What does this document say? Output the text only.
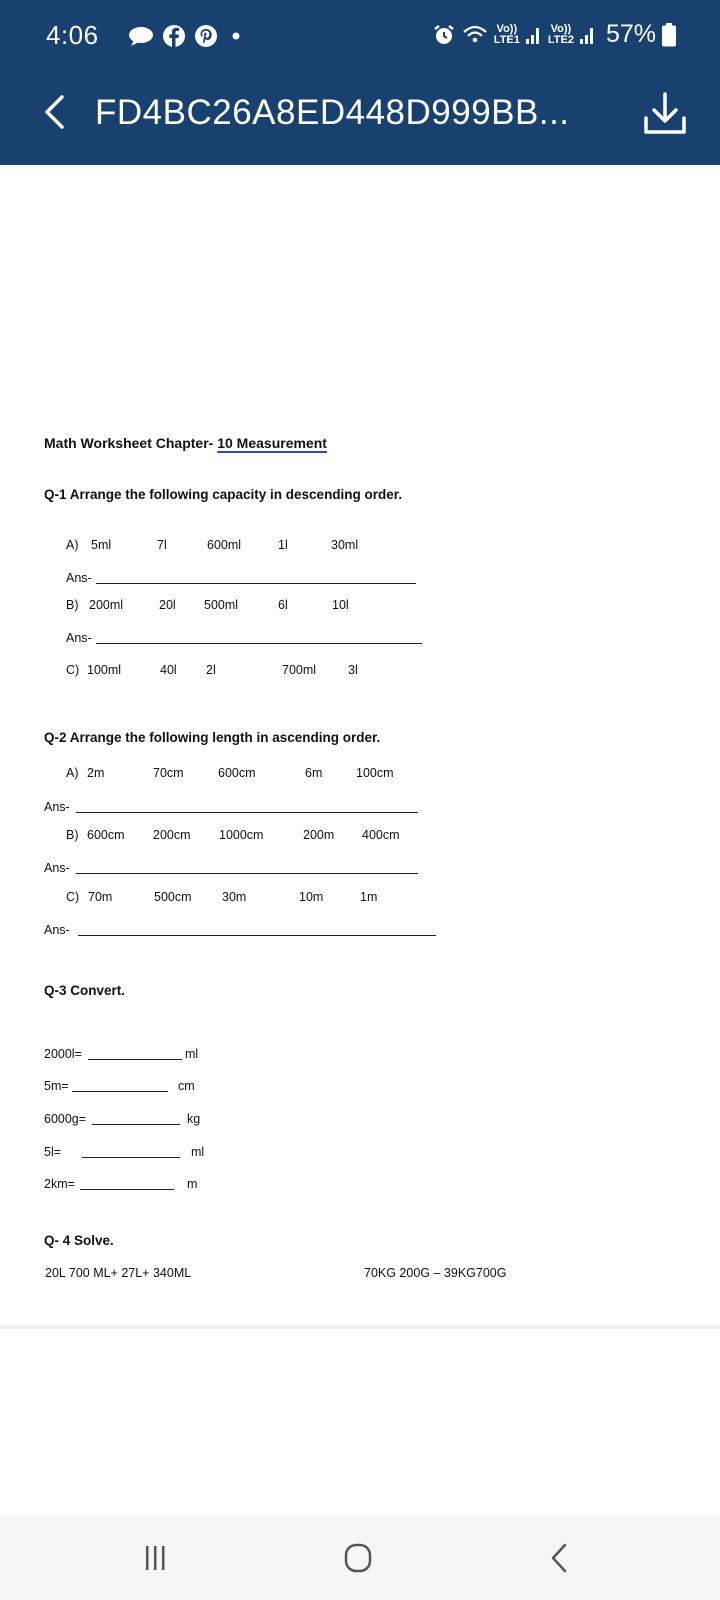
4:06	Vo))
LTE1
Vo))
LTE2 57%
FD4BC26A8ED448D999BB...
Math Worksheet Chapter- 10 Measurement
Q-1 Arrange the following capacity in descending order.
A) 5ml	7l	600ml	1l	30ml
Ans-
B) 200ml	20l 500ml	6l	10l
Ans-
C) 100ml	40l 2l	700ml	3l
Q-2 Arrange the following length in ascending order.
A) 2m	70cm	600cm	6m	100cm
Ans-
B) 600cm 200cm 1000cm	200m 400cm
Ans-
C) 70m	500cm 30m	10m	1m
Ans-
Q-3 Convert.
2000l=	ml
5m=	cm
6000g=	kg
5l=	ml
2km=	m
Q- 4 Solve.
20L 700 ML+ 27L+ 340ML	70KG 200G – 39KG700G
